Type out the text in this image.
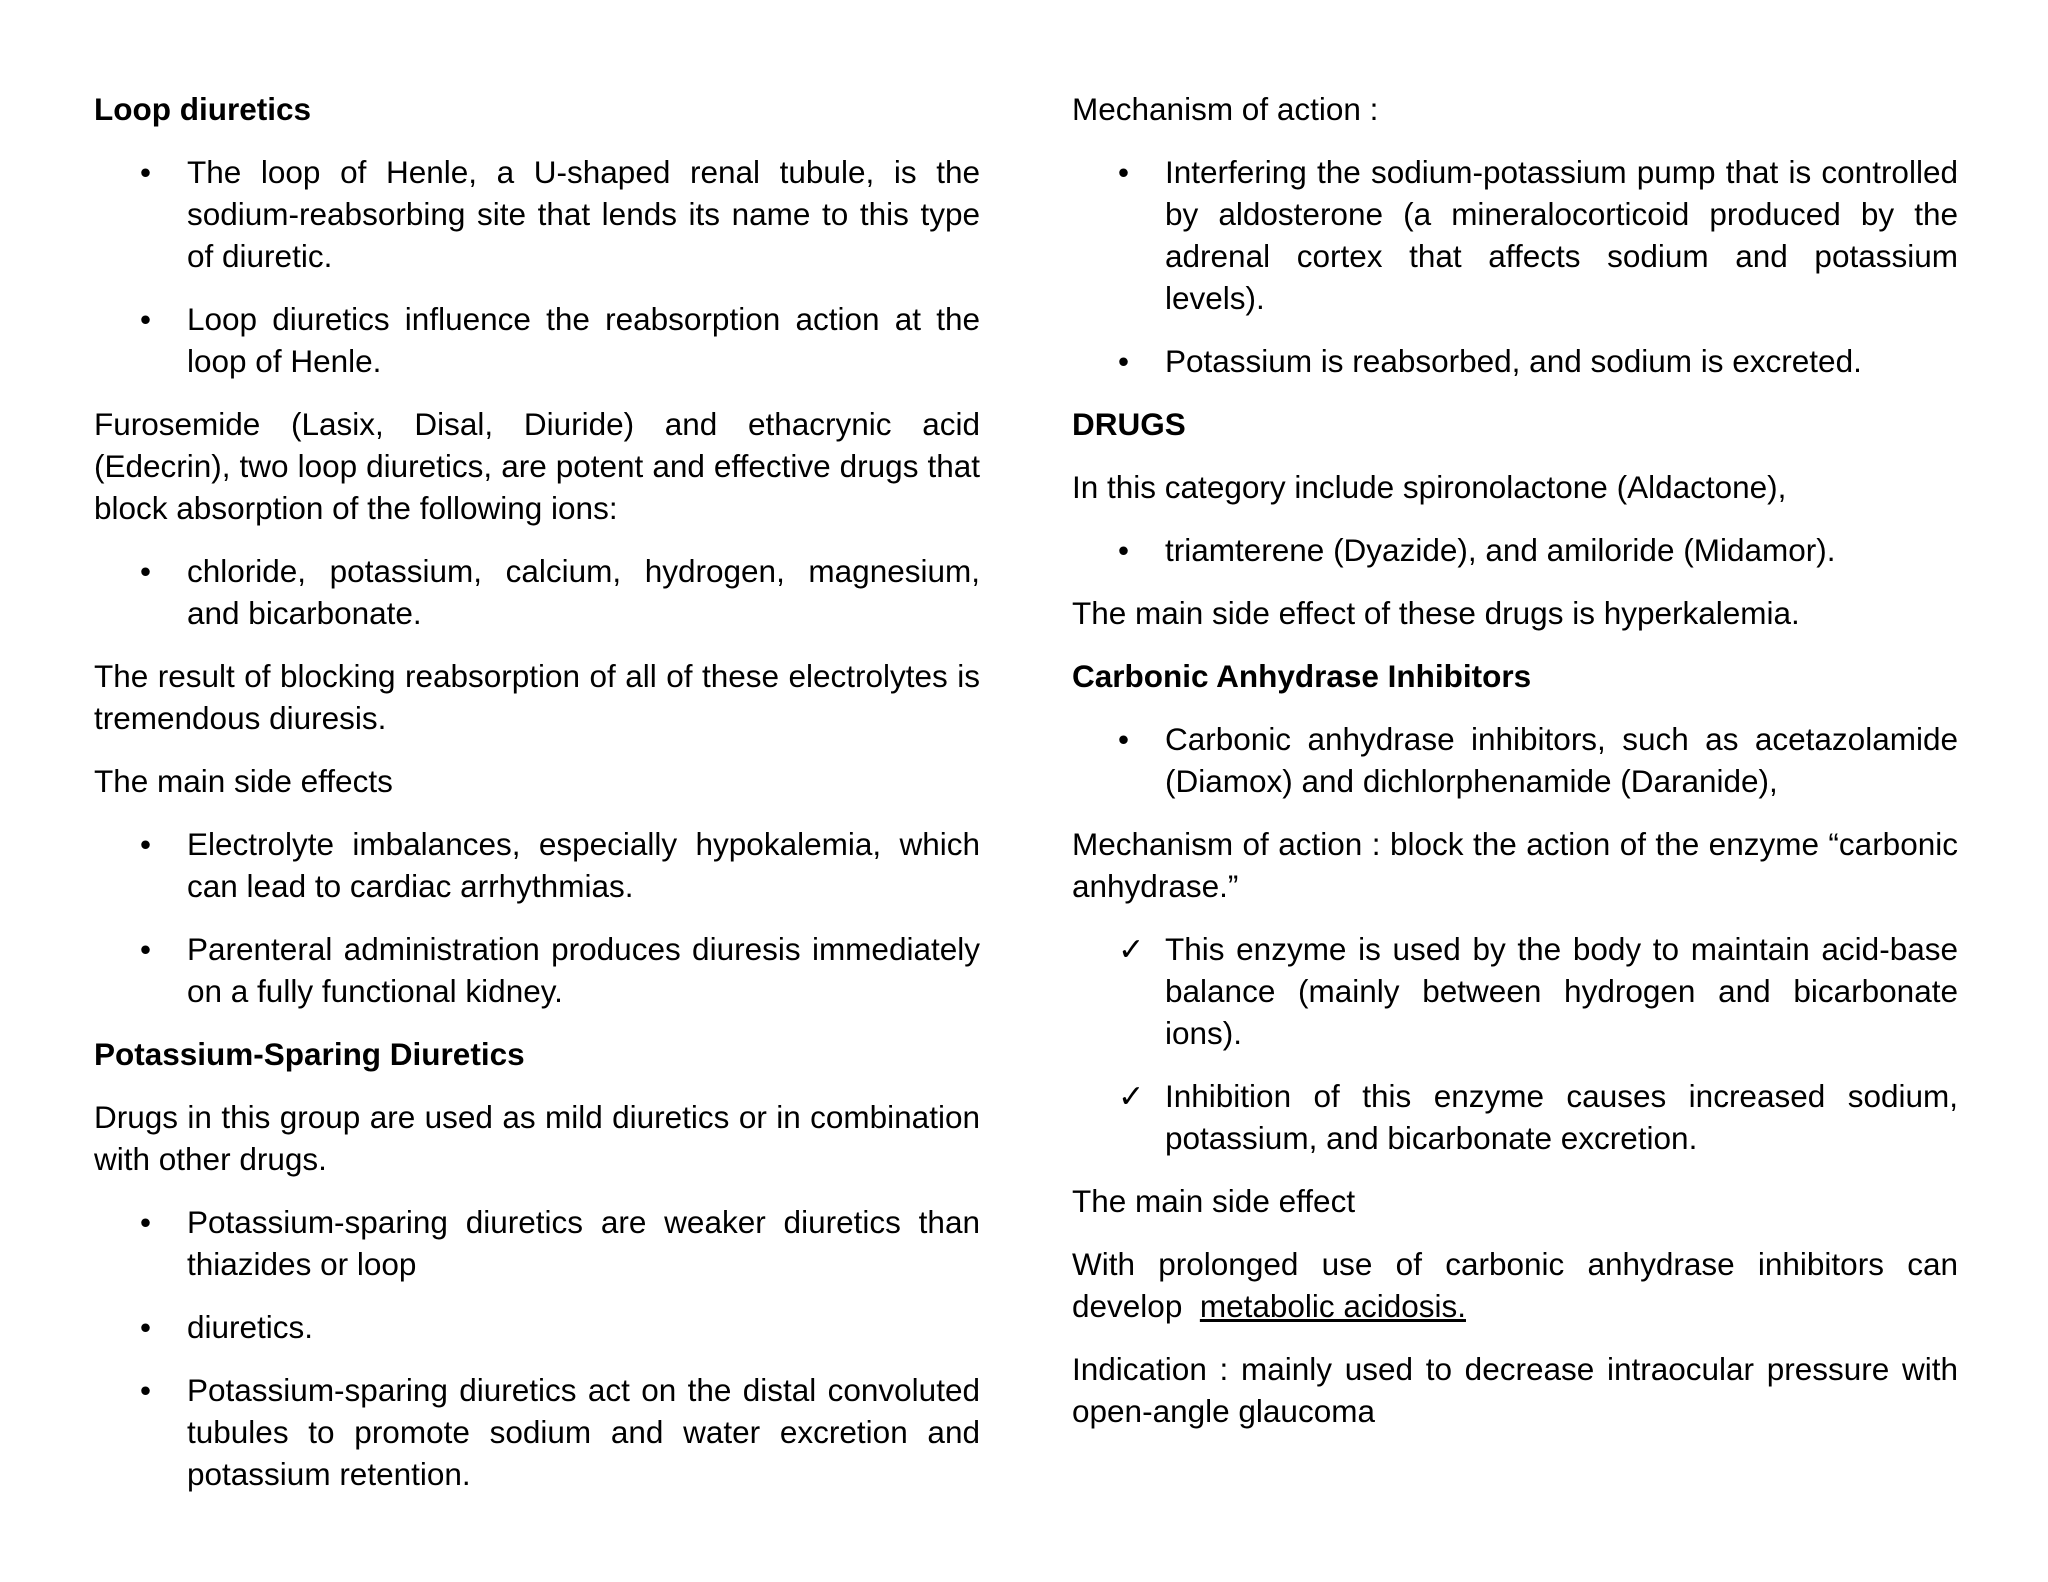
Loop diuretics

•	The loop of Henle, a U-shaped renal tubule, is the sodium-reabsorbing site that lends its name to this type of diuretic.
•	Loop diuretics influence the reabsorption action at the loop of Henle.

Furosemide (Lasix, Disal, Diuride) and ethacrynic acid (Edecrin), two loop diuretics, are potent and effective drugs that block absorption of the following ions:

•	chloride, potassium, calcium, hydrogen, magnesium, and bicarbonate.

The result of blocking reabsorption of all of these electrolytes is tremendous diuresis.

The main side effects

•	Electrolyte imbalances, especially hypokalemia, which can lead to cardiac arrhythmias.
•	Parenteral administration produces diuresis immediately on a fully functional kidney.

Potassium-Sparing Diuretics

Drugs in this group are used as mild diuretics or in combination with other drugs.

•	Potassium-sparing diuretics are weaker diuretics than thiazides or loop
•	diuretics.
•	Potassium-sparing diuretics act on the distal convoluted tubules to promote sodium and water excretion and potassium retention.

Mechanism of action :

•	Interfering the sodium-potassium pump that is controlled by aldosterone (a mineralocorticoid produced by the adrenal cortex that affects sodium and potassium levels).
•	Potassium is reabsorbed, and sodium is excreted.

DRUGS

In this category include spironolactone (Aldactone),

•	triamterene (Dyazide), and amiloride (Midamor).

The main side effect of these drugs is hyperkalemia.

Carbonic Anhydrase Inhibitors

•	Carbonic anhydrase inhibitors, such as acetazolamide (Diamox) and dichlorphenamide (Daranide),

Mechanism of action : block the action of the enzyme “carbonic anhydrase.”

✓ This enzyme is used by the body to maintain acid-base balance (mainly between hydrogen and bicarbonate ions).
✓ Inhibition of this enzyme causes increased sodium, potassium, and bicarbonate excretion.

The main side effect

With prolonged use of carbonic anhydrase inhibitors can develop metabolic acidosis.

Indication : mainly used to decrease intraocular pressure with open-angle glaucoma
